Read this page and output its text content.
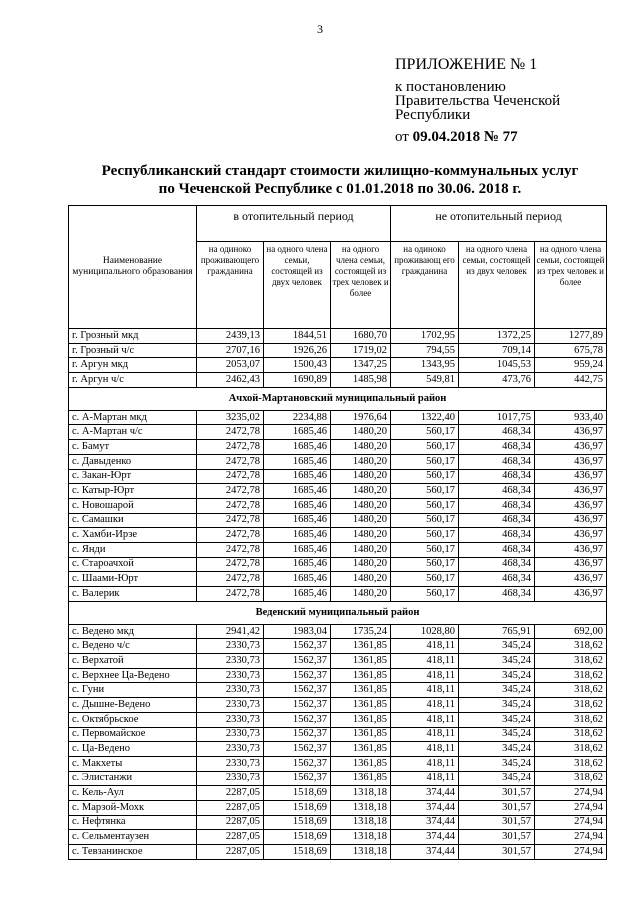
3
ПРИЛОЖЕНИЕ № 1
к постановлению
Правительства Чеченской
Республики
от 09.04.2018 № 77
Республиканский стандарт стоимости жилищно-коммунальных услуг
по Чеченской Республике с 01.01.2018 по 30.06. 2018 г.
Наименование муниципального образования	в отопительный период			не отопительный период		
	на одиноко проживающего гражданина	на одного члена семьи, состоящей из двух человек	на одного члена семьи, состоящей из трех человек и более	на одиноко проживающ его гражданина	на одного члена семьи, состоящей из двух человек	на одного члена семьи, состоящей из трех человек и более
г. Грозный мкд	2439,13	1844,51	1680,70	1702,95	1372,25	1277,89
г. Грозный ч/с	2707,16	1926,26	1719,02	794,55	709,14	675,78
г. Аргун мкд	2053,07	1500,43	1347,25	1343,95	1045,53	959,24
г. Аргун ч/с	2462,43	1690,89	1485,98	549,81	473,76	442,75
Ачхой-Мартановский муниципальный район						
с. А-Мартан мкд	3235,02	2234,88	1976,64	1322,40	1017,75	933,40
с. А-Мартан ч/с	2472,78	1685,46	1480,20	560,17	468,34	436,97
с. Бамут	2472,78	1685,46	1480,20	560,17	468,34	436,97
с. Давыденко	2472,78	1685,46	1480,20	560,17	468,34	436,97
с. Закан-Юрт	2472,78	1685,46	1480,20	560,17	468,34	436,97
с. Катыр-Юрт	2472,78	1685,46	1480,20	560,17	468,34	436,97
с. Новошарой	2472,78	1685,46	1480,20	560,17	468,34	436,97
с. Самашки	2472,78	1685,46	1480,20	560,17	468,34	436,97
с. Хамби-Ирзе	2472,78	1685,46	1480,20	560,17	468,34	436,97
с. Янди	2472,78	1685,46	1480,20	560,17	468,34	436,97
с. Староачхой	2472,78	1685,46	1480,20	560,17	468,34	436,97
с. Шаами-Юрт	2472,78	1685,46	1480,20	560,17	468,34	436,97
с. Валерик	2472,78	1685,46	1480,20	560,17	468,34	436,97
Веденский муниципальный район						
с. Ведено мкд	2941,42	1983,04	1735,24	1028,80	765,91	692,00
с. Ведено ч/с	2330,73	1562,37	1361,85	418,11	345,24	318,62
с. Верхатой	2330,73	1562,37	1361,85	418,11	345,24	318,62
с. Верхнее Ца-Ведено	2330,73	1562,37	1361,85	418,11	345,24	318,62
с. Гуни	2330,73	1562,37	1361,85	418,11	345,24	318,62
с. Дышне-Ведено	2330,73	1562,37	1361,85	418,11	345,24	318,62
с. Октябрьское	2330,73	1562,37	1361,85	418,11	345,24	318,62
с. Первомайское	2330,73	1562,37	1361,85	418,11	345,24	318,62
с. Ца-Ведено	2330,73	1562,37	1361,85	418,11	345,24	318,62
с. Макхеты	2330,73	1562,37	1361,85	418,11	345,24	318,62
с. Элистанжи	2330,73	1562,37	1361,85	418,11	345,24	318,62
с. Кель-Аул	2287,05	1518,69	1318,18	374,44	301,57	274,94
с. Марзой-Мохк	2287,05	1518,69	1318,18	374,44	301,57	274,94
с. Нефтянка	2287,05	1518,69	1318,18	374,44	301,57	274,94
с. Сельментаузен	2287,05	1518,69	1318,18	374,44	301,57	274,94
с. Тевзанинское	2287,05	1518,69	1318,18	374,44	301,57	274,94
